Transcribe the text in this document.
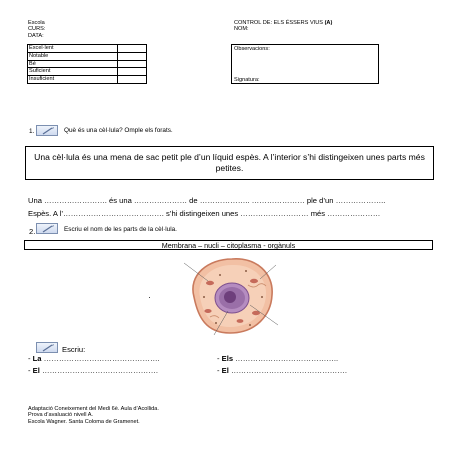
Escola
CURS:
DATA:
CONTROL DE: ELS ÉSSERS VIUS (A)
NOM:
Excel·lent	
Notable	
Bé	
Suficient	
Insuficient	
Observacions:
Signatura:
1.	Què és una cèl·lula? Omple els forats.
Una cèl·lula és una mena de sac petit ple d’un líquid espès. A l’interior s’hi distingeixen unes parts més petites.
Una ……………………. és una ………………… de ……………….. ………………… ple d’un ………………..
Espès. A l’…………………………………. s’hi distingeixen unes ……………………… més …………………
2.	Escriu el nom de les parts de la cèl·lula.
Membrana – nucli – citoplasma - orgànuls
Escriu:
- La ……………………………………….	- Els …………………………………..
- El ……………………………………….	- El ……………………………………….
Adaptació Coneixement del Medi 6è. Aula d’Acollida.
Prova d’avaluació nivell A.
Escola Wagner. Santa Coloma de Gramenet.
